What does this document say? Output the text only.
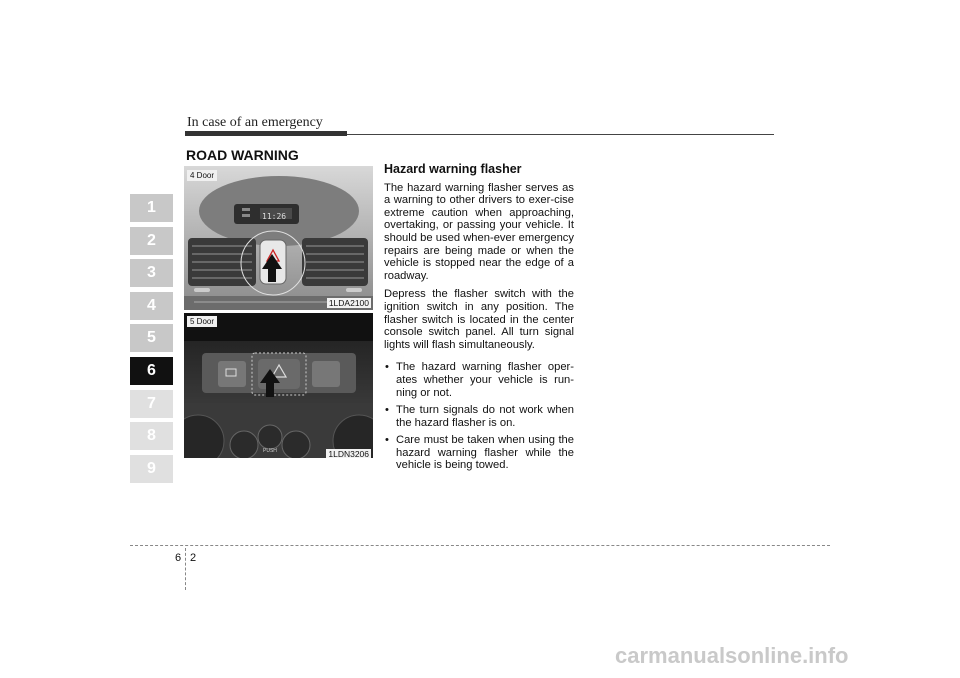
In case of an emergency
ROAD WARNING
1
2
3
4
5
6
7
8
9
4 Door
11:26
1LDA2100
5 Door
PUSH	1LDN3206
Hazard warning flasher

The hazard warning flasher serves as a warning to other drivers to exer-cise extreme caution when approaching, overtaking, or passing your vehicle. It should be used when-ever emergency repairs are being made or when the vehicle is stopped near the edge of a roadway.

Depress the flasher switch with the ignition switch in any position. The flasher switch is located in the center console switch panel. All turn signal lights will flash simultaneously.

• The hazard warning flasher oper-ates whether your vehicle is run-ning or not.
• The turn signals do not work when the hazard flasher is on.
• Care must be taken when using the hazard warning flasher while the vehicle is being towed.
6 2
carmanualsonline.info
